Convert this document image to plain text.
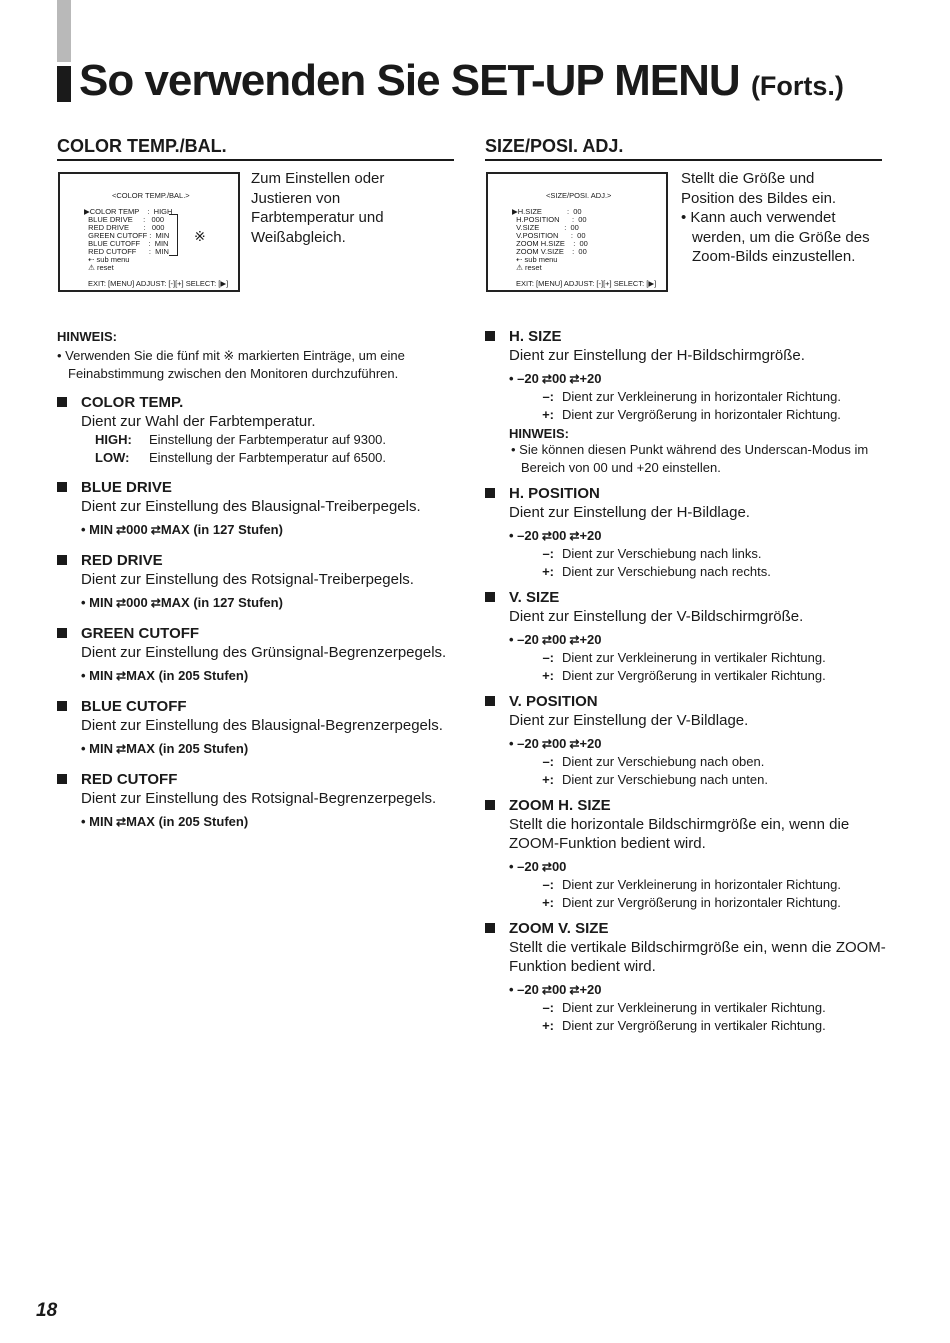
So verwenden Sie SET-UP MENU (Forts.)
COLOR TEMP./BAL.
<COLOR TEMP./BAL.>
▶COLOR TEMP    :  HIGH
BLUE DRIVE     :   000
RED DRIVE       :   000
GREEN CUTOFF :  MIN
BLUE CUTOFF    :  MIN
RED CUTOFF      :  MIN
⇠ sub menu
⚠ reset
※
EXIT: [MENU] ADJUST: [-][+] SELECT: [▶]
Zum Einstellen oder
Justieren von
Farbtemperatur und
Weißabgleich.
SIZE/POSI. ADJ.
<SIZE/POSI. ADJ.>
▶H.SIZE            :  00
H.POSITION      :  00
V.SIZE            :  00
V.POSITION      :  00
ZOOM H.SIZE    :  00
ZOOM V.SIZE    :  00
⇠ sub menu
⚠ reset
EXIT: [MENU] ADJUST: [-][+] SELECT: [▶]
Stellt die Größe und
Position des Bildes ein.
• Kann auch verwendet
werden, um die Größe des
Zoom-Bilds einzustellen.
HINWEIS:
• Verwenden Sie die fünf mit ※ markierten Einträge, um eine Feinabstimmung zwischen den Monitoren durchzuführen.
COLOR TEMP.
Dient zur Wahl der Farbtemperatur.
HIGH:	Einstellung der Farbtemperatur auf 9300.
LOW:	Einstellung der Farbtemperatur auf 6500.
BLUE DRIVE
Dient zur Einstellung des Blausignal-Treiberpegels.
• MIN ⇄ 000 ⇄ MAX (in 127 Stufen)
RED DRIVE
Dient zur Einstellung des Rotsignal-Treiberpegels.
• MIN ⇄ 000 ⇄ MAX (in 127 Stufen)
GREEN CUTOFF
Dient zur Einstellung des Grünsignal-Begrenzerpegels.
• MIN ⇄ MAX (in 205 Stufen)
BLUE CUTOFF
Dient zur Einstellung des Blausignal-Begrenzerpegels.
• MIN ⇄ MAX (in 205 Stufen)
RED CUTOFF
Dient zur Einstellung des Rotsignal-Begrenzerpegels.
• MIN ⇄ MAX (in 205 Stufen)
H. SIZE
Dient zur Einstellung der H-Bildschirmgröße.
• –20 ⇄ 00 ⇄ +20
–: Dient zur Verkleinerung in horizontaler Richtung.
+: Dient zur Vergrößerung in horizontaler Richtung.
HINWEIS:
• Sie können diesen Punkt während des Underscan-Modus im Bereich von 00 und +20 einstellen.
H. POSITION
Dient zur Einstellung der H-Bildlage.
• –20 ⇄ 00 ⇄ +20
–: Dient zur Verschiebung nach links.
+: Dient zur Verschiebung nach rechts.
V. SIZE
Dient zur Einstellung der V-Bildschirmgröße.
• –20 ⇄ 00 ⇄ +20
–: Dient zur Verkleinerung in vertikaler Richtung.
+: Dient zur Vergrößerung in vertikaler Richtung.
V. POSITION
Dient zur Einstellung der V-Bildlage.
• –20 ⇄ 00 ⇄ +20
–: Dient zur Verschiebung nach oben.
+: Dient zur Verschiebung nach unten.
ZOOM H. SIZE
Stellt die horizontale Bildschirmgröße ein, wenn die ZOOM-Funktion bedient wird.
• –20 ⇄ 00
–: Dient zur Verkleinerung in horizontaler Richtung.
+: Dient zur Vergrößerung in horizontaler Richtung.
ZOOM V. SIZE
Stellt die vertikale Bildschirmgröße ein, wenn die ZOOM-Funktion bedient wird.
• –20 ⇄ 00 ⇄ +20
–: Dient zur Verkleinerung in vertikaler Richtung.
+: Dient zur Vergrößerung in vertikaler Richtung.
18
